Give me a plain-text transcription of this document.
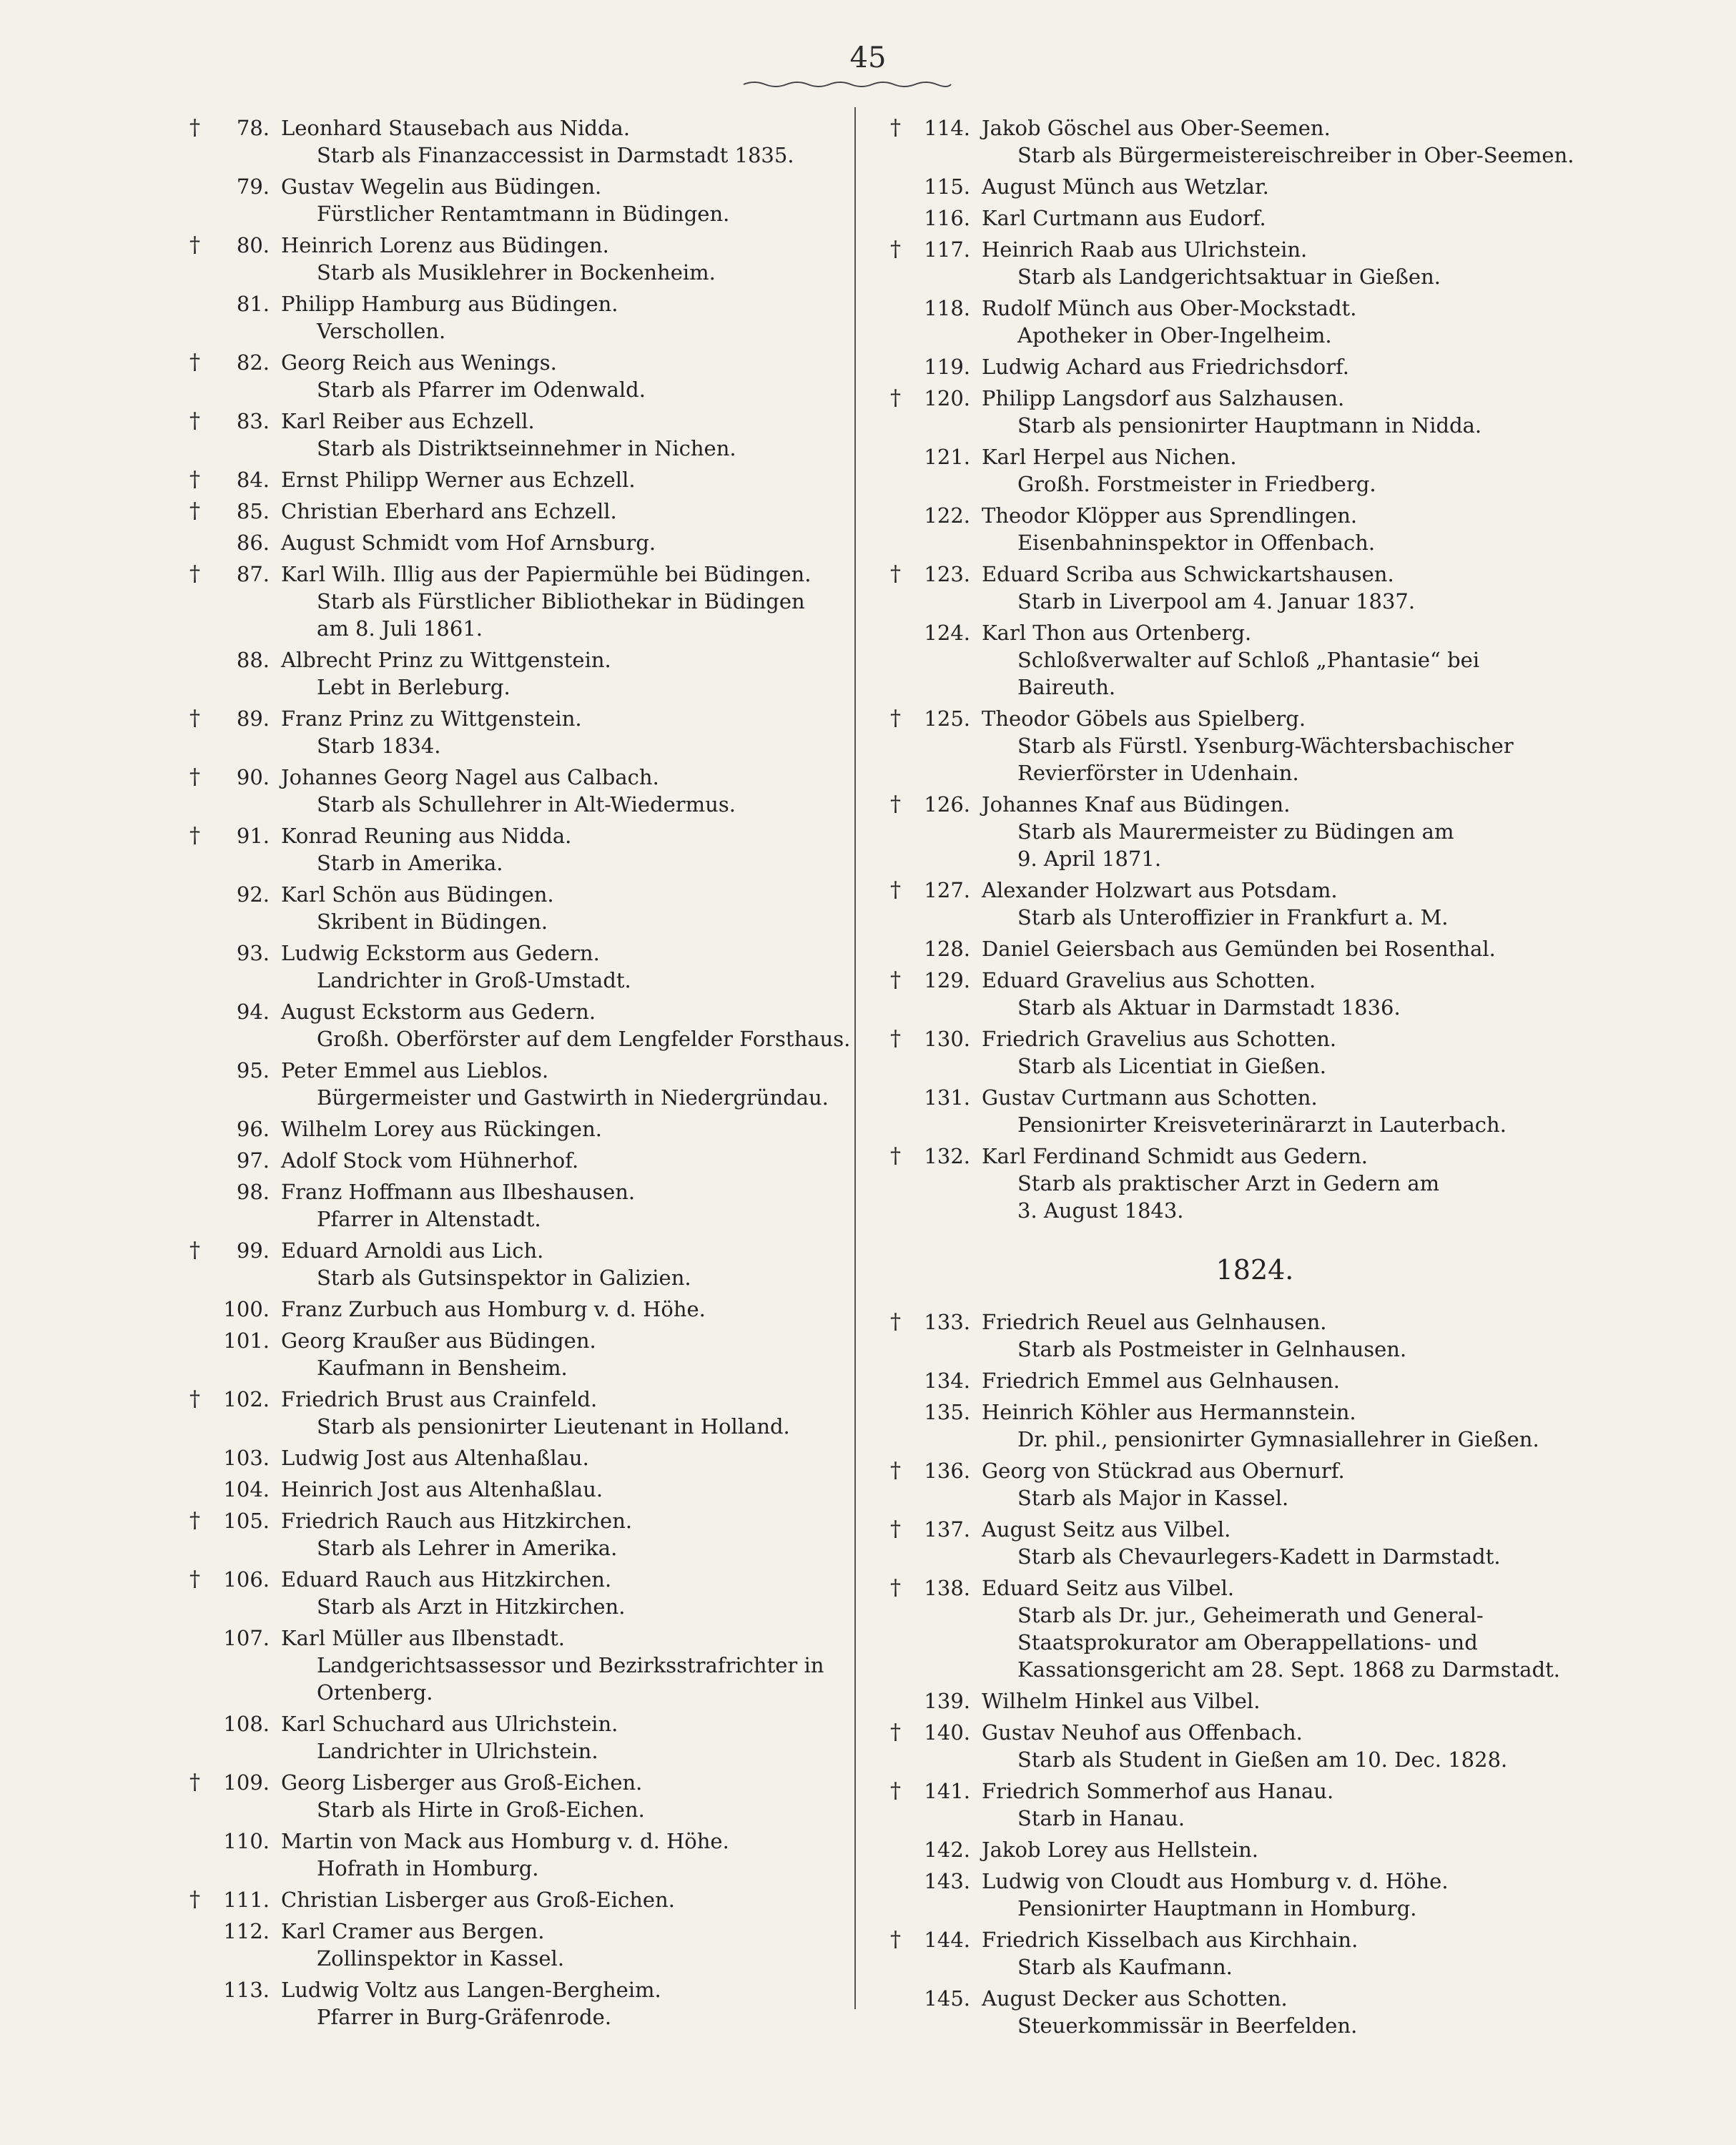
45
†	78. Leonhard Stausebach aus Nidda.
Starb als Finanzaccessist in Darmstadt 1835.
79. Gustav Wegelin aus Büdingen.
Fürstlicher Rentamtmann in Büdingen.
†	80. Heinrich Lorenz aus Büdingen.
Starb als Musiklehrer in Bockenheim.
81. Philipp Hamburg aus Büdingen.
Verschollen.
†	82. Georg Reich aus Wenings.
Starb als Pfarrer im Odenwald.
†	83. Karl Reiber aus Echzell.
Starb als Distriktseinnehmer in Nichen.
†	84. Ernst Philipp Werner aus Echzell.
†	85. Christian Eberhard ans Echzell.
86. August Schmidt vom Hof Arnsburg.
†	87. Karl Wilh. Illig aus der Papiermühle bei Büdingen.
Starb als Fürstlicher Bibliothekar in Büdingen
am 8. Juli 1861.
88. Albrecht Prinz zu Wittgenstein.
Lebt in Berleburg.
†	89. Franz Prinz zu Wittgenstein.
Starb 1834.
†	90. Johannes Georg Nagel aus Calbach.
Starb als Schullehrer in Alt-Wiedermus.
†	91. Konrad Reuning aus Nidda.
Starb in Amerika.
92. Karl Schön aus Büdingen.
Skribent in Büdingen.
93. Ludwig Eckstorm aus Gedern.
Landrichter in Groß-Umstadt.
94. August Eckstorm aus Gedern.
Großh. Oberförster auf dem Lengfelder Forsthaus.
95. Peter Emmel aus Lieblos.
Bürgermeister und Gastwirth in Niedergründau.
96. Wilhelm Lorey aus Rückingen.
97. Adolf Stock vom Hühnerhof.
98. Franz Hoffmann aus Ilbeshausen.
Pfarrer in Altenstadt.
†	99. Eduard Arnoldi aus Lich.
Starb als Gutsinspektor in Galizien.
100. Franz Zurbuch aus Homburg v. d. Höhe.
101. Georg Kraußer aus Büdingen.
Kaufmann in Bensheim.
†	102. Friedrich Brust aus Crainfeld.
Starb als pensionirter Lieutenant in Holland.
103. Ludwig Jost aus Altenhaßlau.
104. Heinrich Jost aus Altenhaßlau.
†	105. Friedrich Rauch aus Hitzkirchen.
Starb als Lehrer in Amerika.
†	106. Eduard Rauch aus Hitzkirchen.
Starb als Arzt in Hitzkirchen.
107. Karl Müller aus Ilbenstadt.
Landgerichtsassessor und Bezirksstrafrichter in
Ortenberg.
108. Karl Schuchard aus Ulrichstein.
Landrichter in Ulrichstein.
†	109. Georg Lisberger aus Groß-Eichen.
Starb als Hirte in Groß-Eichen.
110. Martin von Mack aus Homburg v. d. Höhe.
Hofrath in Homburg.
†	111. Christian Lisberger aus Groß-Eichen.
112. Karl Cramer aus Bergen.
Zollinspektor in Kassel.
113. Ludwig Voltz aus Langen-Bergheim.
Pfarrer in Burg-Gräfenrode.
†	114. Jakob Göschel aus Ober-Seemen.
Starb als Bürgermeistereischreiber in Ober-Seemen.
115. August Münch aus Wetzlar.
116. Karl Curtmann aus Eudorf.
†	117. Heinrich Raab aus Ulrichstein.
Starb als Landgerichtsaktuar in Gießen.
118. Rudolf Münch aus Ober-Mockstadt.
Apotheker in Ober-Ingelheim.
119. Ludwig Achard aus Friedrichsdorf.
†	120. Philipp Langsdorf aus Salzhausen.
Starb als pensionirter Hauptmann in Nidda.
121. Karl Herpel aus Nichen.
Großh. Forstmeister in Friedberg.
122. Theodor Klöpper aus Sprendlingen.
Eisenbahninspektor in Offenbach.
†	123. Eduard Scriba aus Schwickartshausen.
Starb in Liverpool am 4. Januar 1837.
124. Karl Thon aus Ortenberg.
Schloßverwalter auf Schloß „Phantasie“ bei
Baireuth.
†	125. Theodor Göbels aus Spielberg.
Starb als Fürstl. Ysenburg-Wächtersbachischer
Revierförster in Udenhain.
†	126. Johannes Knaf aus Büdingen.
Starb als Maurermeister zu Büdingen am
9. April 1871.
†	127. Alexander Holzwart aus Potsdam.
Starb als Unteroffizier in Frankfurt a. M.
128. Daniel Geiersbach aus Gemünden bei Rosenthal.
†	129. Eduard Gravelius aus Schotten.
Starb als Aktuar in Darmstadt 1836.
†	130. Friedrich Gravelius aus Schotten.
Starb als Licentiat in Gießen.
131. Gustav Curtmann aus Schotten.
Pensionirter Kreisveterinärarzt in Lauterbach.
†	132. Karl Ferdinand Schmidt aus Gedern.
Starb als praktischer Arzt in Gedern am
3. August 1843.
1824.
†	133. Friedrich Reuel aus Gelnhausen.
Starb als Postmeister in Gelnhausen.
134. Friedrich Emmel aus Gelnhausen.
135. Heinrich Köhler aus Hermannstein.
Dr. phil., pensionirter Gymnasiallehrer in Gießen.
†	136. Georg von Stückrad aus Obernurf.
Starb als Major in Kassel.
†	137. August Seitz aus Vilbel.
Starb als Chevaurlegers-Kadett in Darmstadt.
†	138. Eduard Seitz aus Vilbel.
Starb als Dr. jur., Geheimerath und General-
Staatsprokurator am Oberappellations- und
Kassationsgericht am 28. Sept. 1868 zu Darmstadt.
139. Wilhelm Hinkel aus Vilbel.
†	140. Gustav Neuhof aus Offenbach.
Starb als Student in Gießen am 10. Dec. 1828.
†	141. Friedrich Sommerhof aus Hanau.
Starb in Hanau.
142. Jakob Lorey aus Hellstein.
143. Ludwig von Cloudt aus Homburg v. d. Höhe.
Pensionirter Hauptmann in Homburg.
†	144. Friedrich Kisselbach aus Kirchhain.
Starb als Kaufmann.
145. August Decker aus Schotten.
Steuerkommissär in Beerfelden.
